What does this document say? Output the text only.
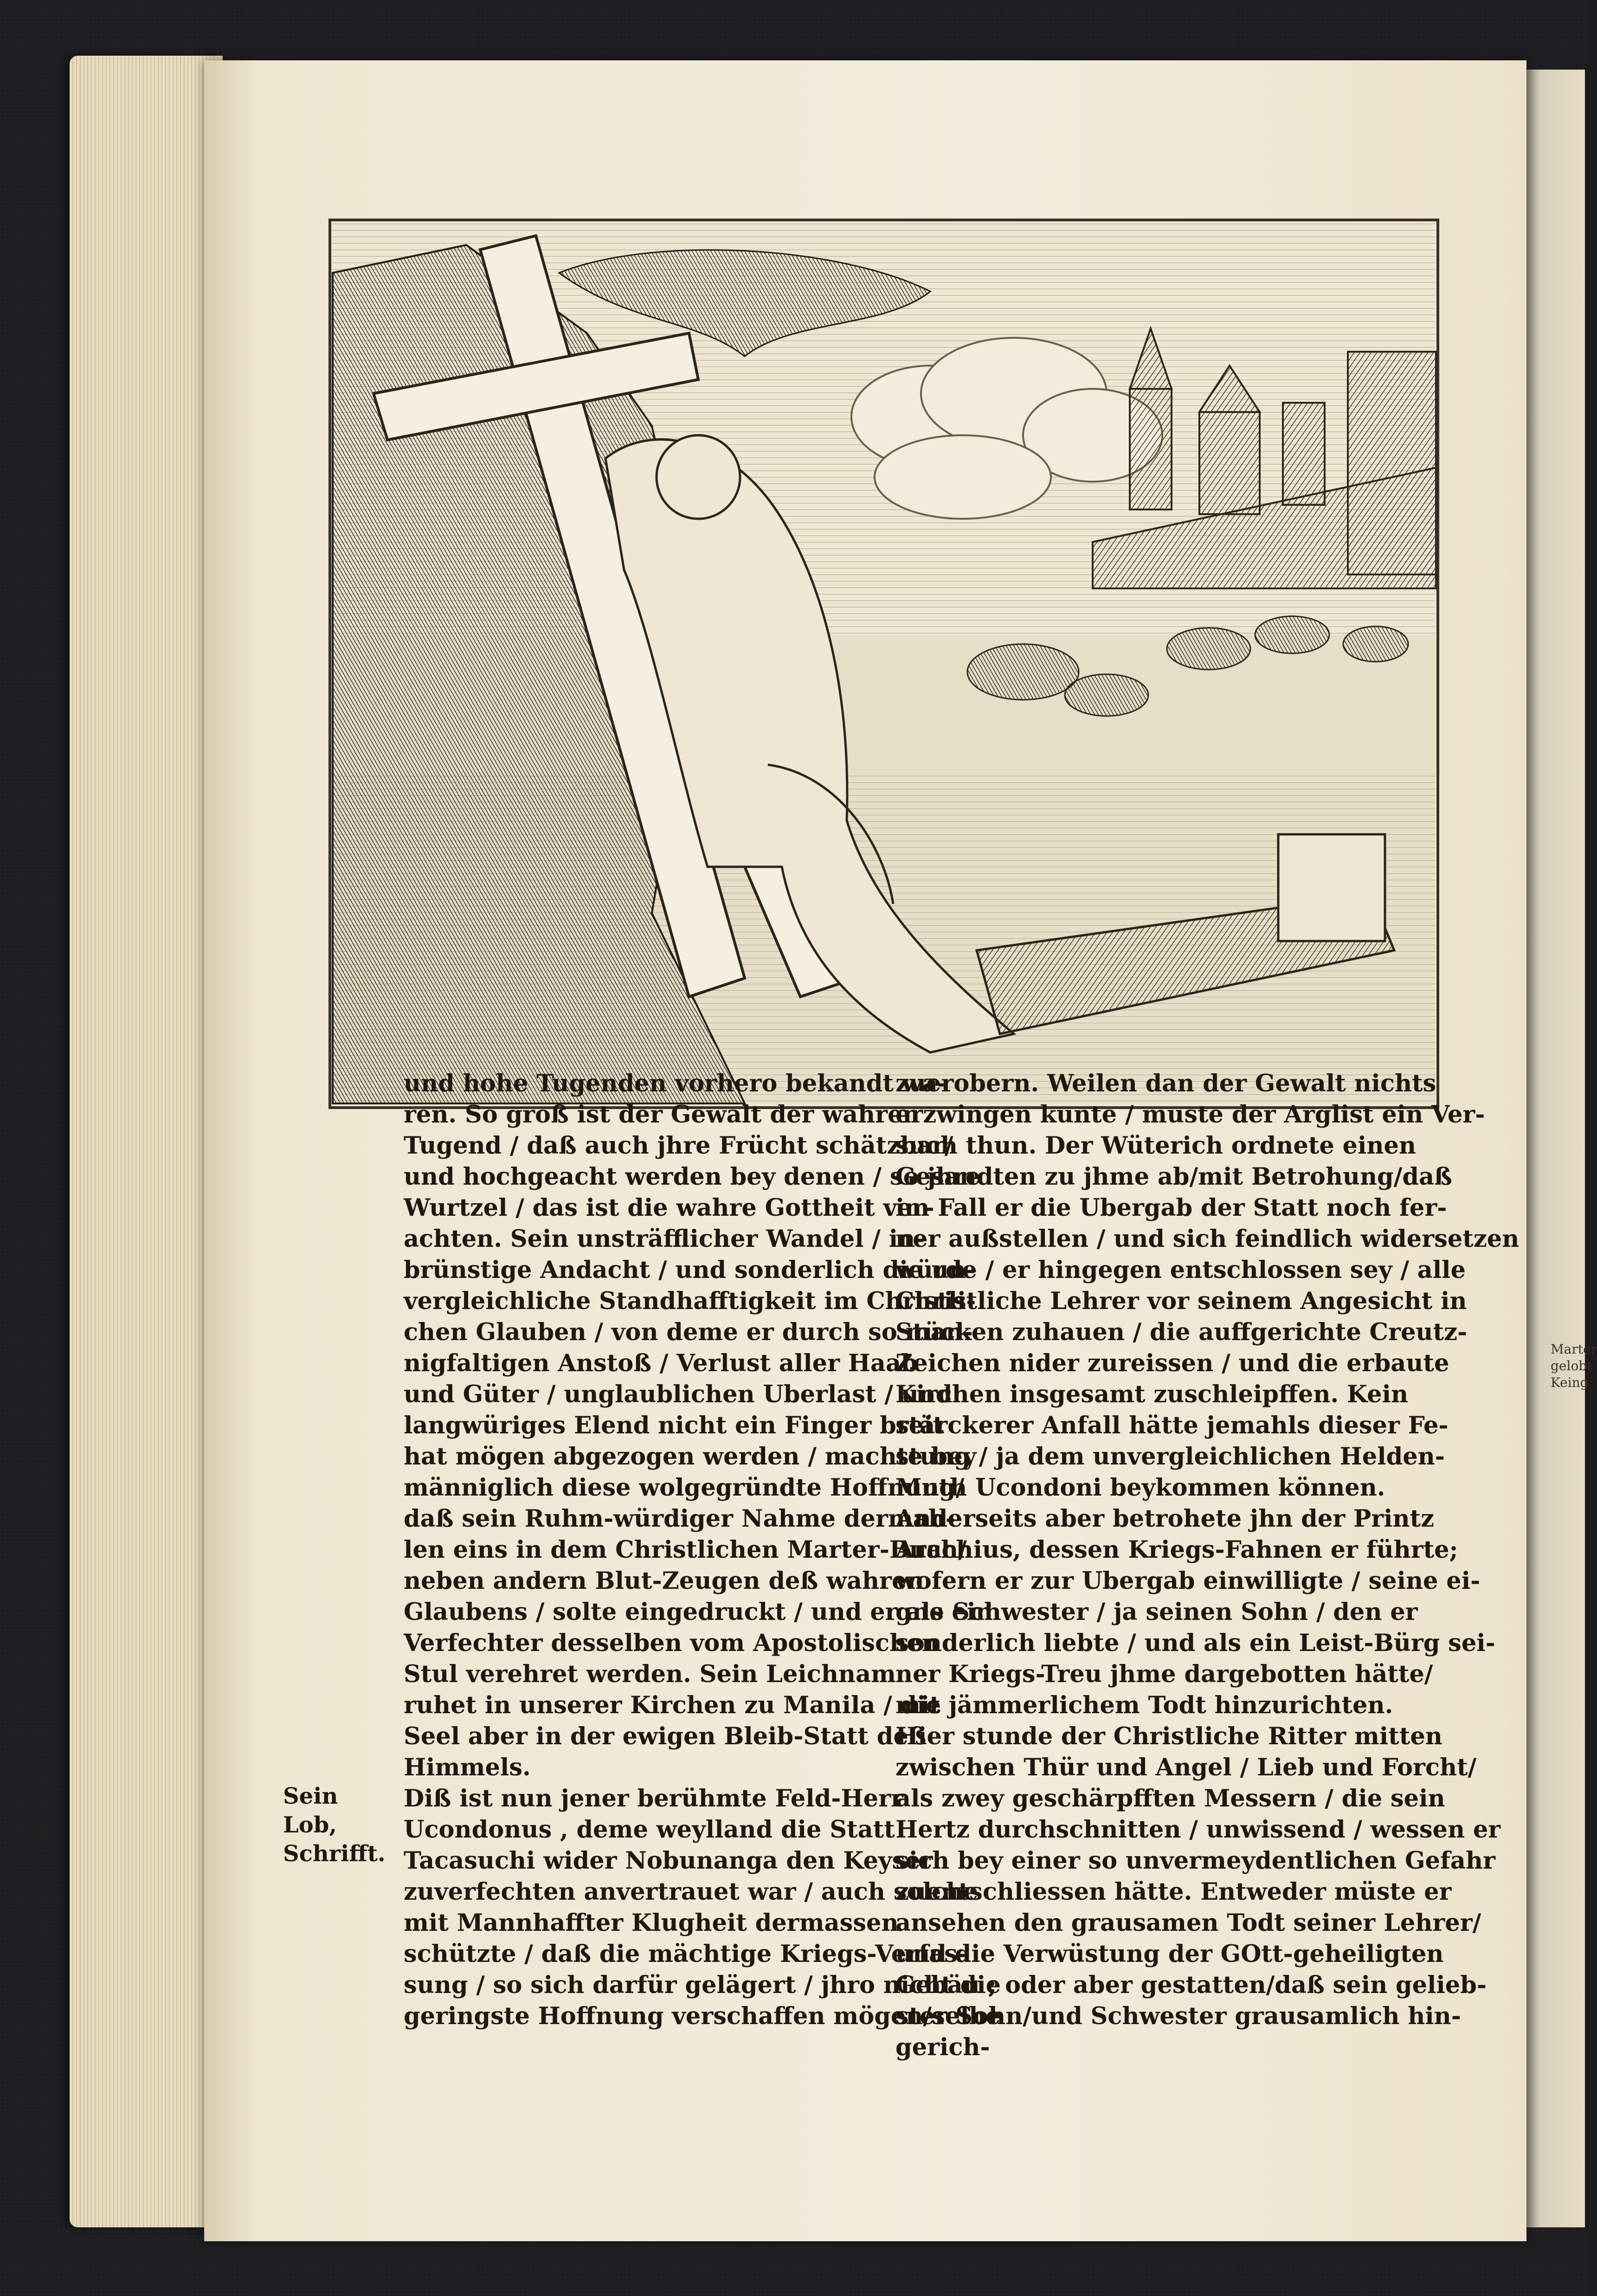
Marter
gelobt
Keing

und hohe Tugenden vorhero bekandt wa-

ren. So groß ist der Gewalt der wahren

Tugend / daß auch jhre Frücht schätzbar/

und hochgeacht werden bey denen / so jhre

Wurtzel / das ist die wahre Gottheit ver-

achten. Sein unsträfflicher Wandel / in-

brünstige Andacht / und sonderlich die un-

vergleichliche Standhafftigkeit im Christli-

chen Glauben / von deme er durch so man-

nigfaltigen Anstoß / Verlust aller Haab

und Güter / unglaublichen Uberlast / und

langwüriges Elend nicht ein Finger breit

hat mögen abgezogen werden / machte bey

männiglich diese wolgegründte Hoffnung/

daß sein Ruhm-würdiger Nahme dermah-

len eins in dem Christlichen Marter-Buch/

neben andern Blut-Zeugen deß wahren

Glaubens / solte eingedruckt / und er als ein

Verfechter desselben vom Apostolischen

Stul verehret werden. Sein Leichnam

ruhet in unserer Kirchen zu Manila / die

Seel aber in der ewigen Bleib-Statt deß

Himmels.

Diß ist nun jener berühmte Feld-Herr

Ucondonus , deme weylland die Statt

Tacasuchi wider Nobunanga den Keyser

zuverfechten anvertrauet war / auch solche

mit Mannhaffter Klugheit dermassen

schützte / daß die mächtige Kriegs-Verfas-

sung / so sich darfür gelägert / jhro nicht die

geringste Hoffnung verschaffen mögen/selbe

Sein Lob,

Schrifft.

zuerobern. Weilen dan der Gewalt nichts

erzwingen kunte / muste der Arglist ein Ver-

such thun. Der Wüterich ordnete einen

Gesandten zu jhme ab/mit Betrohung/daß

im Fall er die Ubergab der Statt noch fer-

ner außstellen / und sich feindlich widersetzen

würde / er hingegen entschlossen sey / alle

Christliche Lehrer vor seinem Angesicht in

Stücken zuhauen / die auffgerichte Creutz-

Zeichen nider zureissen / und die erbaute

Kirchen insgesamt zuschleipffen. Kein

stärckerer Anfall hätte jemahls dieser Fe-

stung / ja dem unvergleichlichen Helden-

Muth Ucondoni beykommen können.

Anderseits aber betrohete jhn der Printz

Arachius, dessen Kriegs-Fahnen er führte;

wofern er zur Ubergab einwilligte / seine ei-

gne Schwester / ja seinen Sohn / den er

sonderlich liebte / und als ein Leist-Bürg sei-

ner Kriegs-Treu jhme dargebotten hätte/

mit jämmerlichem Todt hinzurichten.

Hier stunde der Christliche Ritter mitten

zwischen Thür und Angel / Lieb und Forcht/

als zwey geschärpfften Messern / die sein

Hertz durchschnitten / unwissend / wessen er

sich bey einer so unvermeydentlichen Gefahr

zuentschliessen hätte. Entweder müste er

ansehen den grausamen Todt seiner Lehrer/

und die Verwüstung der GOtt-geheiligten

Gebäu ; oder aber gestatten/daß sein gelieb-

ster Sohn/und Schwester grausamlich hin-

gerich-
